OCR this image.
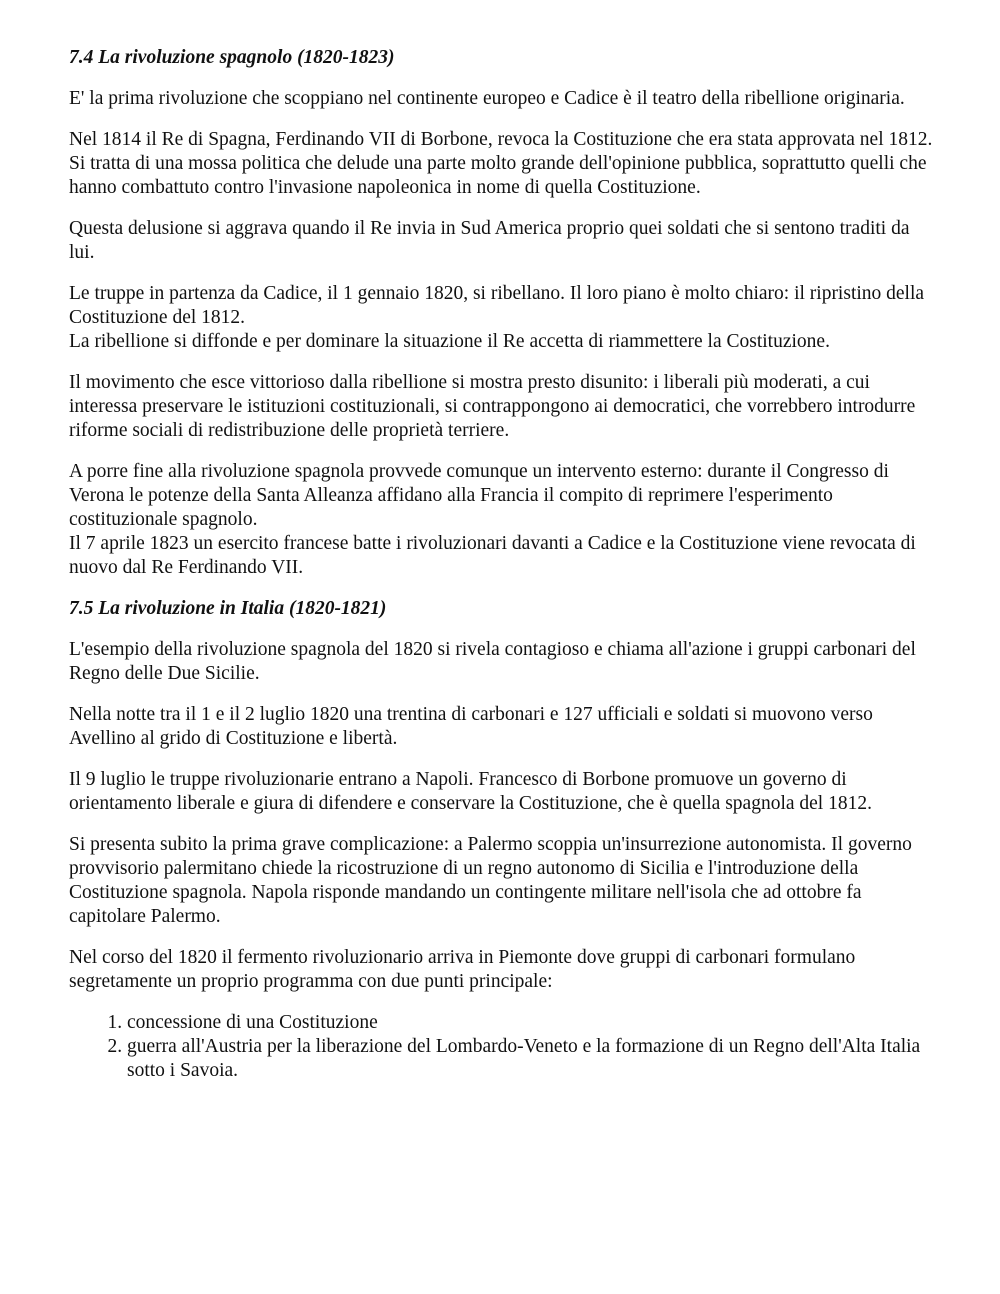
7.4 La rivoluzione spagnolo (1820-1823)

E' la prima rivoluzione che scoppiano nel continente europeo e Cadice è il teatro della ribellione originaria.

Nel 1814 il Re di Spagna, Ferdinando VII di Borbone, revoca la Costituzione che era stata approvata nel 1812.
Si tratta di una mossa politica che delude una parte molto grande dell'opinione pubblica, soprattutto quelli che hanno combattuto contro l'invasione napoleonica in nome di quella Costituzione.

Questa delusione si aggrava quando il Re invia in Sud America proprio quei soldati che si sentono traditi da lui.

Le truppe in partenza da Cadice, il 1 gennaio 1820, si ribellano. Il loro piano è molto chiaro: il ripristino della Costituzione del 1812.
La ribellione si diffonde e per dominare la situazione il Re accetta di riammettere la Costituzione.

Il movimento che esce vittorioso dalla ribellione si mostra presto disunito: i liberali più moderati, a cui interessa preservare le istituzioni costituzionali, si contrappongono ai democratici, che vorrebbero introdurre riforme sociali di redistribuzione delle proprietà terriere.

A porre fine alla rivoluzione spagnola provvede comunque un intervento esterno: durante il Congresso di Verona le potenze della Santa Alleanza affidano alla Francia il compito di reprimere l'esperimento costituzionale spagnolo.
Il 7 aprile 1823 un esercito francese batte i rivoluzionari davanti a Cadice e la Costituzione viene revocata di nuovo dal Re Ferdinando VII.

7.5 La rivoluzione in Italia (1820-1821)

L'esempio della rivoluzione spagnola del 1820 si rivela contagioso e chiama all'azione i gruppi carbonari del Regno delle Due Sicilie.

Nella notte tra il 1 e il 2 luglio 1820 una trentina di carbonari e 127 ufficiali e soldati si muovono verso Avellino al grido di Costituzione e libertà.

Il 9 luglio le truppe rivoluzionarie entrano a Napoli. Francesco di Borbone promuove un governo di orientamento liberale e giura di difendere e conservare la Costituzione, che è quella spagnola del 1812.

Si presenta subito la prima grave complicazione: a Palermo scoppia un'insurrezione autonomista. Il governo provvisorio palermitano chiede la ricostruzione di un regno autonomo di Sicilia e l'introduzione della Costituzione spagnola. Napola risponde mandando un contingente militare nell'isola che ad ottobre fa capitolare Palermo.

Nel corso del 1820 il fermento rivoluzionario arriva in Piemonte dove gruppi di carbonari formulano segretamente un proprio programma con due punti principale:

1. concessione di una Costituzione
2. guerra all'Austria per la liberazione del Lombardo-Veneto e la formazione di un Regno dell'Alta Italia sotto i Savoia.
